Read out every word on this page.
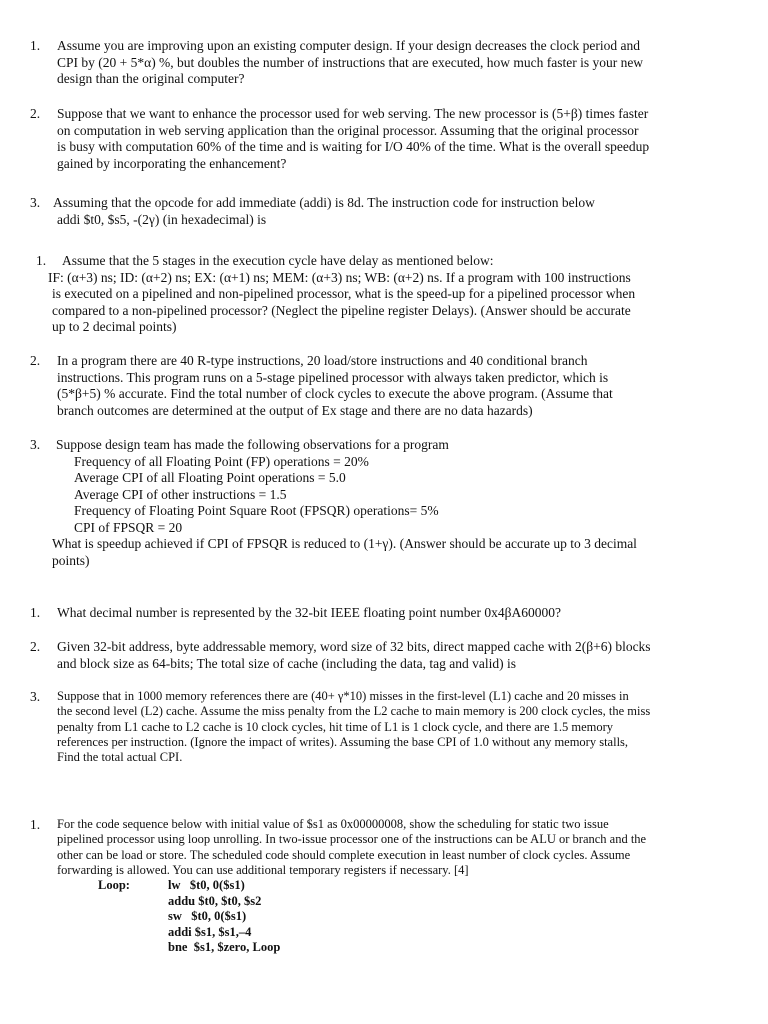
1. Assume you are improving upon an existing computer design. If your design decreases the clock period and

CPI by (20 + 5*α) %, but doubles the number of instructions that are executed, how much faster is your new

design than the original computer?

2. Suppose that we want to enhance the processor used for web serving. The new processor is (5+β) times faster

on computation in web serving application than the original processor. Assuming that the original processor

is busy with computation 60% of the time and is waiting for I/O 40% of the time. What is the overall speedup

gained by incorporating the enhancement?

3. Assuming that the opcode for add immediate (addi) is 8d. The instruction code for instruction below

addi $t0, $s5, -(2γ) (in hexadecimal) is

1.	Assume that the 5 stages in the execution cycle have delay as mentioned below:

IF: (α+3) ns; ID: (α+2) ns; EX: (α+1) ns; MEM: (α+3) ns; WB: (α+2) ns. If a program with 100 instructions

is executed on a pipelined and non-pipelined processor, what is the speed-up for a pipelined processor when

compared to a non-pipelined processor? (Neglect the pipeline register Delays). (Answer should be accurate

up to 2 decimal points)

2. In a program there are 40 R-type instructions, 20 load/store instructions and 40 conditional branch

instructions. This program runs on a 5-stage pipelined processor with always taken predictor, which is

(5*β+5) % accurate. Find the total number of clock cycles to execute the above program. (Assume that

branch outcomes are determined at the output of Ex stage and there are no data hazards)

3. Suppose design team has made the following observations for a program

Frequency of all Floating Point (FP) operations = 20%

Average CPI of all Floating Point operations = 5.0

Average CPI of other instructions = 1.5

Frequency of Floating Point Square Root (FPSQR) operations= 5%

CPI of FPSQR = 20

What is speedup achieved if CPI of FPSQR is reduced to (1+γ). (Answer should be accurate up to 3 decimal

points)

1. What decimal number is represented by the 32-bit IEEE floating point number 0x4βA60000?

2. Given 32-bit address, byte addressable memory, word size of 32 bits, direct mapped cache with 2(β+6) blocks

and block size as 64-bits; The total size of cache (including the data, tag and valid) is

3. Suppose that in 1000 memory references there are (40+ γ*10) misses in the first-level (L1) cache and 20 misses in

the second level (L2) cache. Assume the miss penalty from the L2 cache to main memory is 200 clock cycles, the miss

penalty from L1 cache to L2 cache is 10 clock cycles, hit time of L1 is 1 clock cycle, and there are 1.5 memory

references per instruction. (Ignore the impact of writes). Assuming the base CPI of 1.0 without any memory stalls,

Find the total actual CPI.

1. For the code sequence below with initial value of $s1 as 0x00000008, show the scheduling for static two issue

pipelined processor using loop unrolling. In two-issue processor one of the instructions can be ALU or branch and the

other can be load or store. The scheduled code should complete execution in least number of clock cycles. Assume

forwarding is allowed. You can use additional temporary registers if necessary. [4]

Loop:	lw   $t0, 0($s1)
addu $t0, $t0, $s2
sw   $t0, 0($s1)
addi $s1, $s1,–4
bne  $s1, $zero, Loop
